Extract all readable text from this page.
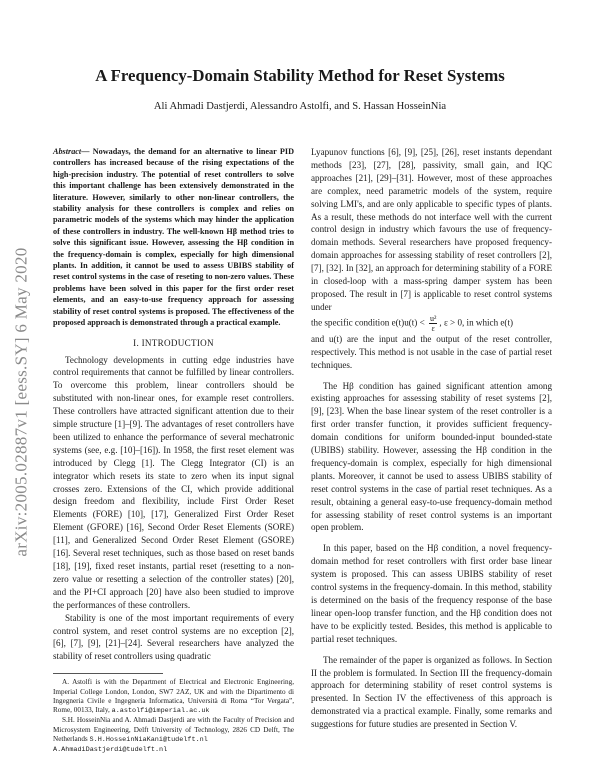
arXiv:2005.02887v1 [eess.SY] 6 May 2020
A Frequency-Domain Stability Method for Reset Systems
Ali Ahmadi Dastjerdi, Alessandro Astolfi, and S. Hassan HosseinNia

Abstract— Nowadays, the demand for an alternative to linear PID controllers has increased because of the rising expectations of the high-precision industry. The potential of reset controllers to solve this important challenge has been extensively demonstrated in the literature. However, similarly to other non-linear controllers, the stability analysis for these controllers is complex and relies on parametric models of the systems which may hinder the application of these controllers in industry. The well-known Hβ method tries to solve this significant issue. However, assessing the Hβ condition in the frequency-domain is complex, especially for high dimensional plants. In addition, it cannot be used to assess UBIBS stability of reset control systems in the case of reseting to non-zero values. These problems have been solved in this paper for the first order reset elements, and an easy-to-use frequency approach for assessing stability of reset control systems is proposed. The effectiveness of the proposed approach is demonstrated through a practical example.

I. INTRODUCTION

Technology developments in cutting edge industries have control requirements that cannot be fulfilled by linear controllers. To overcome this problem, linear controllers should be substituted with non-linear ones, for example reset controllers. These controllers have attracted significant attention due to their simple structure [1]–[9]. The advantages of reset controllers have been utilized to enhance the performance of several mechatronic systems (see, e.g. [10]–[16]). In 1958, the first reset element was introduced by Clegg [1]. The Clegg Integrator (CI) is an integrator which resets its state to zero when its input signal crosses zero. Extensions of the CI, which provide additional design freedom and flexibility, include First Order Reset Elements (FORE) [10], [17], Generalized First Order Reset Element (GFORE) [16], Second Order Reset Elements (SORE) [11], and Generalized Second Order Reset Element (GSORE) [16]. Several reset techniques, such as those based on reset bands [18], [19], fixed reset instants, partial reset (resetting to a non-zero value or resetting a selection of the controller states) [20], and the PI+CI approach [20] have also been studied to improve the performances of these controllers.

Stability is one of the most important requirements of every control system, and reset control systems are no exception [2], [6], [7], [9], [21]–[24]. Several researchers have analyzed the stability of reset controllers using quadratic

A. Astolfi is with the Department of Electrical and Electronic Engineering, Imperial College London, London, SW7 2AZ, UK and with the Dipartimento di Ingegneria Civile e Ingegneria Informatica, Università di Roma “Tor Vergata”, Rome, 00133, Italy, a.astolfi@imperial.ac.uk

S.H. HosseinNia and A. Ahmadi Dastjerdi are with the Faculty of Precision and Microsystem Engineering, Delft University of Technology, 2826 CD Delft, The Netherlands S.H.HosseinNiaKani@tudelft.nl

A.AhmadiDastjerdi@tudelft.nl

Lyapunov functions [6], [9], [25], [26], reset instants dependant methods [23], [27], [28], passivity, small gain, and IQC approaches [21], [29]–[31]. However, most of these approaches are complex, need parametric models of the system, require solving LMI's, and are only applicable to specific types of plants. As a result, these methods do not interface well with the current control design in industry which favours the use of frequency-domain methods. Several researchers have proposed frequency-domain approaches for assessing stability of reset controllers [2], [7], [32]. In [32], an approach for determining stability of a FORE in closed-loop with a mass-spring damper system has been proposed. The result in [7] is applicable to reset control systems under

the specific condition $e(t)u(t) < \frac{\text{u²}}{\varepsilon}$ , ε > 0, in which e(t)

and u(t) are the input and the output of the reset controller, respectively. This method is not usable in the case of partial reset techniques.

The Hβ condition has gained significant attention among existing approaches for assessing stability of reset systems [2], [9], [23]. When the base linear system of the reset controller is a first order transfer function, it provides sufficient frequency-domain conditions for uniform bounded-input bounded-state (UBIBS) stability. However, assessing the Hβ condition in the frequency-domain is complex, especially for high dimensional plants. Moreover, it cannot be used to assess UBIBS stability of reset control systems in the case of partial reset techniques. As a result, obtaining a general easy-to-use frequency-domain method for assessing stability of reset control systems is an important open problem.

In this paper, based on the Hβ condition, a novel frequency-domain method for reset controllers with first order base linear system is proposed. This can assess UBIBS stability of reset control systems in the frequency-domain. In this method, stability is determined on the basis of the frequency response of the base linear open-loop transfer function, and the Hβ condition does not have to be explicitly tested. Besides, this method is applicable to partial reset techniques.

The remainder of the paper is organized as follows. In Section II the problem is formulated. In Section III the frequency-domain approach for determining stability of reset control systems is presented. In Section IV the effectiveness of this approach is demonstrated via a practical example. Finally, some remarks and suggestions for future studies are presented in Section V.
